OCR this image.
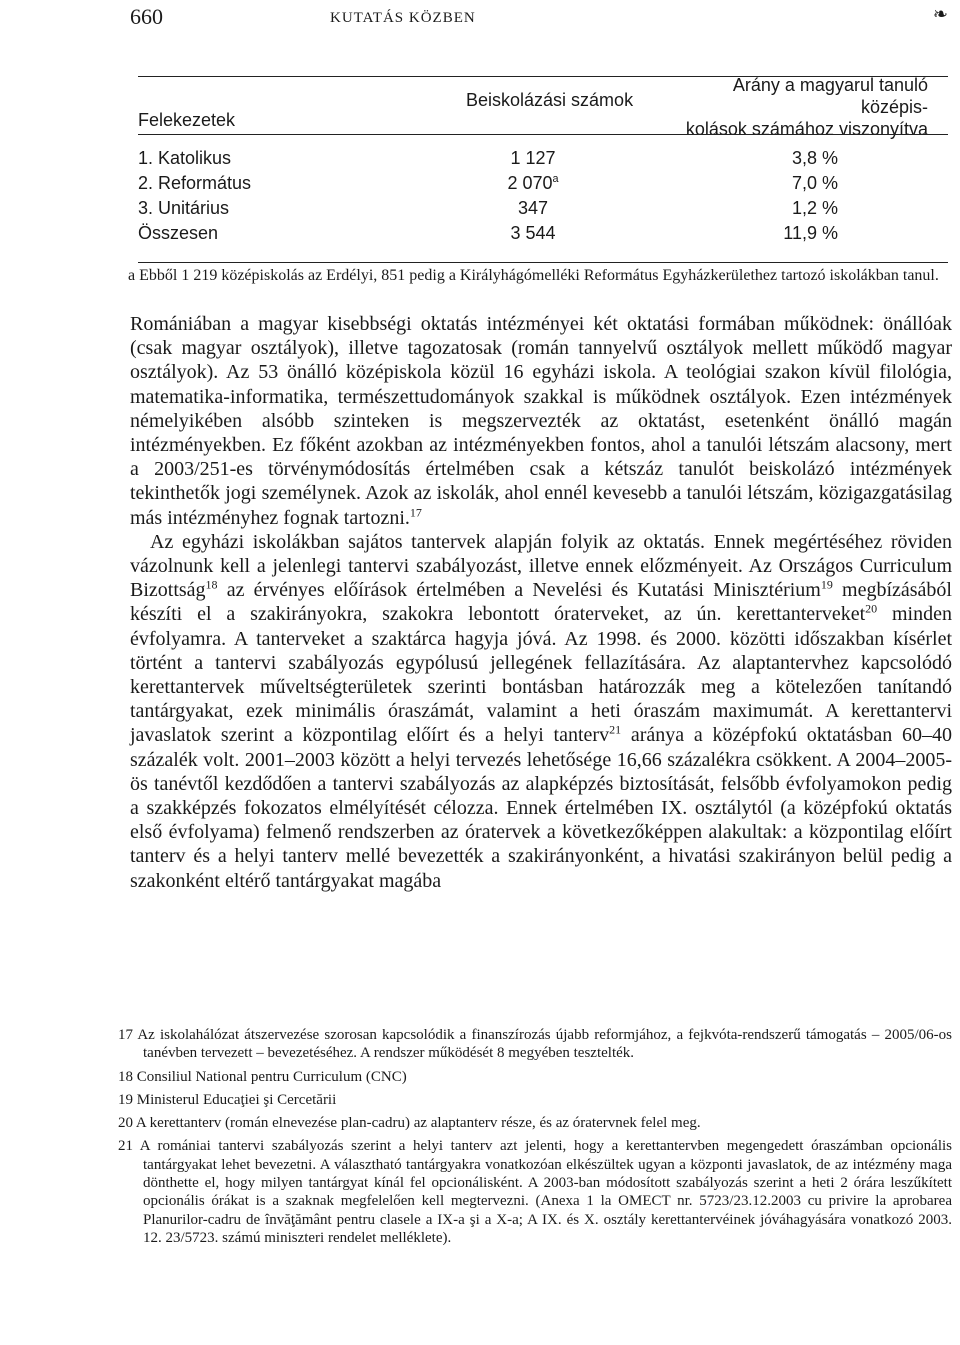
660	KUTATÁS KÖZBEN	❧
Felekezetek
Beiskolázási számok
Arány a magyarul tanuló középis-
kolások számához viszonyítva
1. Katolikus	1 127	3,8 %
2. Református	2 070$^a$	7,0 %
3. Unitárius	347	1,2 %
Összesen	3 544	11,9 %
a Ebből 1 219 középiskolás az Erdélyi, 851 pedig a Királyhágómelléki Református Egyházkerülethez tartozó iskolákban tanul.

Romániában a magyar kisebbségi oktatás intézményei két oktatási formában működnek: önállóak (csak magyar osztályok), illetve tagozatosak (román tannyelvű osztályok mellett működő magyar osztályok). Az 53 önálló középiskola közül 16 egyházi iskola. A teológiai szakon kívül filológia, matematika-informatika, természettudományok szakkal is működnek osztályok. Ezen intézmények némelyikében alsóbb szinteken is megszervezték az oktatást, esetenként önálló magán intézményekben. Ez főként azokban az intézményekben fontos, ahol a tanulói létszám alacsony, mert a 2003/251-es törvénymódosítás értelmében csak a kétszáz tanulót beiskolázó intézmények tekinthetők jogi személynek. Azok az iskolák, ahol ennél kevesebb a tanulói létszám, közigazgatásilag más intézményhez fognak tartozni.$^{17}$

Az egyházi iskolákban sajátos tantervek alapján folyik az oktatás. Ennek megértéséhez röviden vázolnunk kell a jelenlegi tantervi szabályozást, illetve ennek előzményeit. Az Országos Curriculum Bizottság$^{18}$ az érvényes előírások értelmében a Nevelési és Kutatási Minisztérium$^{19}$ megbízásából készíti el a szakirányokra, szakokra lebontott óraterveket, az ún. kerettanterveket$^{20}$ minden évfolyamra. A tanterveket a szaktárca hagyja jóvá. Az 1998. és 2000. közötti időszakban kísérlet történt a tantervi szabályozás egypólusú jellegének fellazítására. Az alaptantervhez kapcsolódó kerettantervek műveltségterületek szerinti bontásban határozzák meg a kötelezően tanítandó tantárgyakat, ezek minimális óraszámát, valamint a heti óraszám maximumát. A kerettantervi javaslatok szerint a központilag előírt és a helyi tanterv$^{21}$ aránya a középfokú oktatásban 60–40 százalék volt. 2001–2003 között a helyi tervezés lehetősége 16,66 százalékra csökkent. A 2004–2005-ös tanévtől kezdődően a tantervi szabályozás az alapképzés biztosítását, felsőbb évfolyamokon pedig a szakképzés fokozatos elmélyítését célozza. Ennek értelmében IX. osztálytól (a középfokú oktatás első évfolyama) felmenő rendszerben az óratervek a következőképpen alakultak: a központilag előírt tanterv és a helyi tanterv mellé bevezették a szakirányonként, a hivatási szakirányon belül pedig a szakonként eltérő tantárgyakat magába

17 Az iskolahálózat átszervezése szorosan kapcsolódik a finanszírozás újabb reformjához, a fejkvóta-rendszerű támogatás – 2005/06-os tanévben tervezett – bevezetéséhez. A rendszer működését 8 megyében tesztelték.

18 Consiliul National pentru Curriculum (CNC)

19 Ministerul Educaţiei şi Cercetării

20 A kerettanterv (román elnevezése plan-cadru) az alaptanterv része, és az óratervnek felel meg.

21 A romániai tantervi szabályozás szerint a helyi tanterv azt jelenti, hogy a kerettantervben megengedett óraszámban opcionális tantárgyakat lehet bevezetni. A választható tantárgyakra vonatkozóan elkészültek ugyan a központi javaslatok, de az intézmény maga dönthette el, hogy milyen tantárgyat kínál fel opcionálisként. A 2003-ban módosított szabályozás szerint a heti 2 órára leszűkített opcionális órákat is a szaknak megfelelően kell megtervezni. (Anexa 1 la OMECT nr. 5723/23.12.2003 cu privire la aprobarea Planurilor-cadru de învăţământ pentru clasele a IX-a şi a X-a; A IX. és X. osztály kerettantervéinek jóváhagyására vonatkozó 2003. 12. 23/5723. számú miniszteri rendelet melléklete).
